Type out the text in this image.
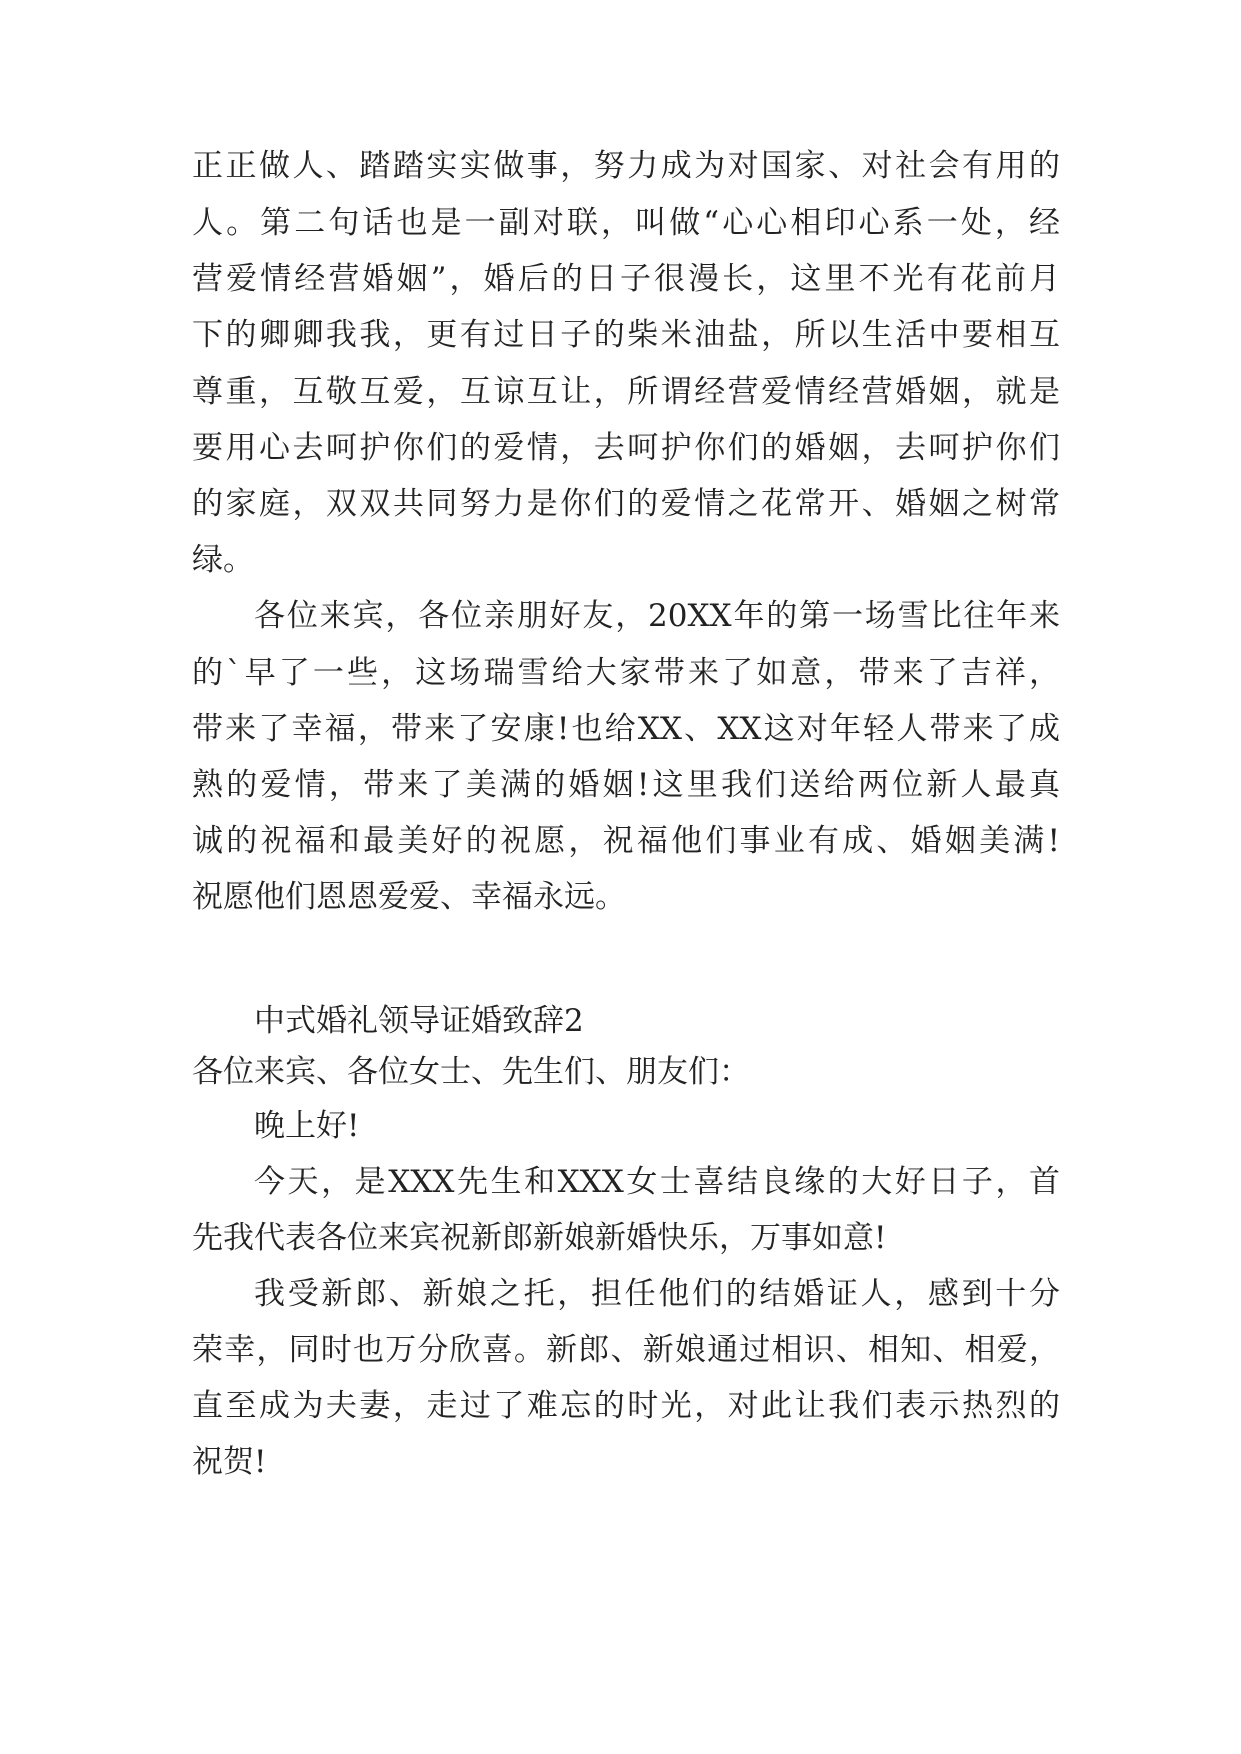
正正做人、踏踏实实做事，努力成为对国家、对社会有用的
人。第二句话也是一副对联，叫做“心心相印心系一处，经
营爱情经营婚姻”，婚后的日子很漫长，这里不光有花前月
下的卿卿我我，更有过日子的柴米油盐，所以生活中要相互
尊重，互敬互爱，互谅互让，所谓经营爱情经营婚姻，就是
要用心去呵护你们的爱情，去呵护你们的婚姻，去呵护你们
的家庭，双双共同努力是你们的爱情之花常开、婚姻之树常
绿。
各位来宾，各位亲朋好友，20XX年的第一场雪比往年来
的`早了一些，这场瑞雪给大家带来了如意，带来了吉祥，
带来了幸福，带来了安康!也给XX、XX这对年轻人带来了成
熟的爱情，带来了美满的婚姻!这里我们送给两位新人最真
诚的祝福和最美好的祝愿，祝福他们事业有成、婚姻美满!
祝愿他们恩恩爱爱、幸福永远。
中式婚礼领导证婚致辞2
各位来宾、各位女士、先生们、朋友们：
晚上好!
今天，是XXX先生和XXX女士喜结良缘的大好日子，首
先我代表各位来宾祝新郎新娘新婚快乐，万事如意!
我受新郎、新娘之托，担任他们的结婚证人，感到十分
荣幸，同时也万分欣喜。新郎、新娘通过相识、相知、相爱，
直至成为夫妻，走过了难忘的时光，对此让我们表示热烈的
祝贺!
